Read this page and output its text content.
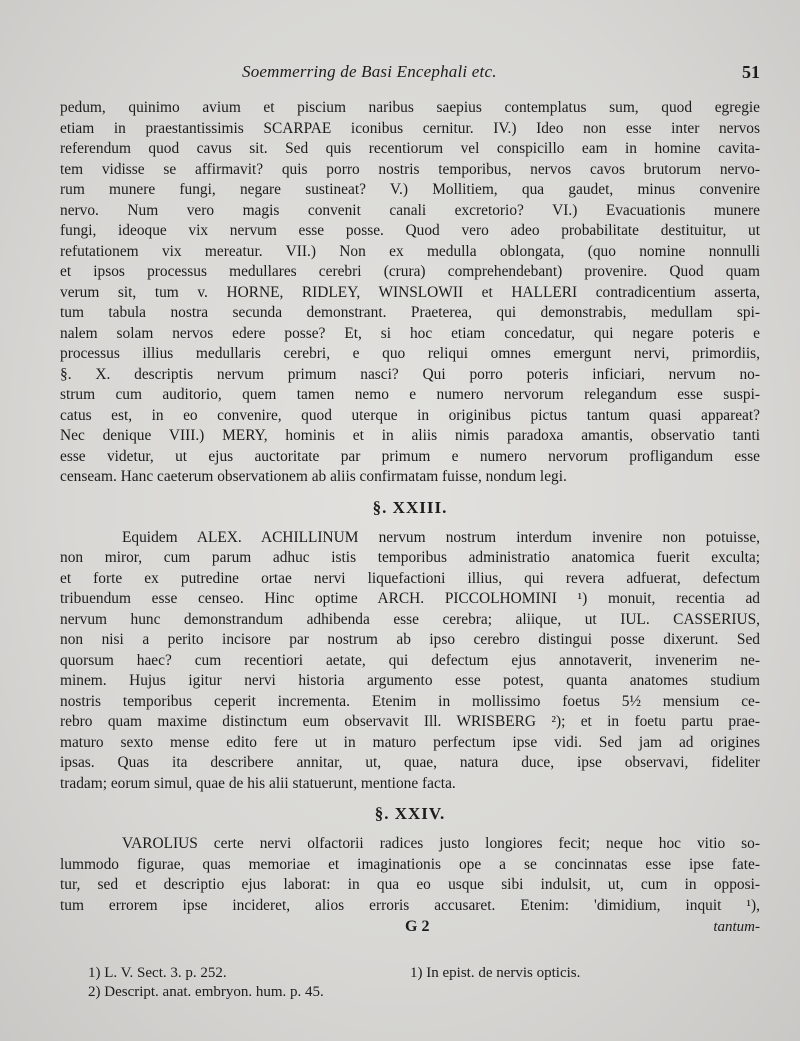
Soemmerring de Basi Encephali etc.	51
pedum, quinimo avium et piscium naribus saepius contemplatus sum, quod egregie
etiam in praestantissimis SCARPAE iconibus cernitur. IV.) Ideo non esse inter nervos
referendum quod cavus sit. Sed quis recentiorum vel conspicillo eam in homine cavita-
tem vidisse se affirmavit? quis porro nostris temporibus, nervos cavos brutorum nervo-
rum munere fungi, negare sustineat? V.) Mollitiem, qua gaudet, minus convenire
nervo. Num vero magis convenit canali excretorio? VI.) Evacuationis munere
fungi, ideoque vix nervum esse posse. Quod vero adeo probabilitate destituitur, ut
refutationem vix mereatur. VII.) Non ex medulla oblongata, (quo nomine nonnulli
et ipsos processus medullares cerebri (crura) comprehendebant) provenire. Quod quam
verum sit, tum v. HORNE, RIDLEY, WINSLOWII et HALLERI contradicentium asserta,
tum tabula nostra secunda demonstrant. Praeterea, qui demonstrabis, medullam spi-
nalem solam nervos edere posse? Et, si hoc etiam concedatur, qui negare poteris e
processus illius medullaris cerebri, e quo reliqui omnes emergunt nervi, primordiis,
§. X. descriptis nervum primum nasci? Qui porro poteris inficiari, nervum no-
strum cum auditorio, quem tamen nemo e numero nervorum relegandum esse suspi-
catus est, in eo convenire, quod uterque in originibus pictus tantum quasi appareat?
Nec denique VIII.) MERY, hominis et in aliis nimis paradoxa amantis, observatio tanti
esse videtur, ut ejus auctoritate par primum e numero nervorum profligandum esse
censeam. Hanc caeterum observationem ab aliis confirmatam fuisse, nondum legi.
§. XXIII.
Equidem ALEX. ACHILLINUM nervum nostrum interdum invenire non potuisse,
non miror, cum parum adhuc istis temporibus administratio anatomica fuerit exculta;
et forte ex putredine ortae nervi liquefactioni illius, qui revera adfuerat, defectum
tribuendum esse censeo. Hinc optime ARCH. PICCOLHOMINI ¹) monuit, recentia ad
nervum hunc demonstrandum adhibenda esse cerebra; aliique, ut IUL. CASSERIUS,
non nisi a perito incisore par nostrum ab ipso cerebro distingui posse dixerunt. Sed
quorsum haec? cum recentiori aetate, qui defectum ejus annotaverit, invenerim ne-
minem. Hujus igitur nervi historia argumento esse potest, quanta anatomes studium
nostris temporibus ceperit incrementa. Etenim in mollissimo foetus 5½ mensium ce-
rebro quam maxime distinctum eum observavit Ill. WRISBERG ²); et in foetu partu prae-
maturo sexto mense edito fere ut in maturo perfectum ipse vidi. Sed jam ad origines
ipsas. Quas ita describere annitar, ut, quae, natura duce, ipse observavi, fideliter
tradam; eorum simul, quae de his alii statuerunt, mentione facta.
§. XXIV.
VAROLIUS certe nervi olfactorii radices justo longiores fecit; neque hoc vitio so-
lummodo figurae, quas memoriae et imaginationis ope a se concinnatas esse ipse fate-
tur, sed et descriptio ejus laborat: in qua eo usque sibi indulsit, ut, cum in opposi-
tum errorem ipse incideret, alios erroris accusaret. Etenim: 'dimidium, inquit ¹),
G 2	tantum-
1) L. V. Sect. 3. p. 252.	1) In epist. de nervis opticis.
2) Descript. anat. embryon. hum. p. 45.
